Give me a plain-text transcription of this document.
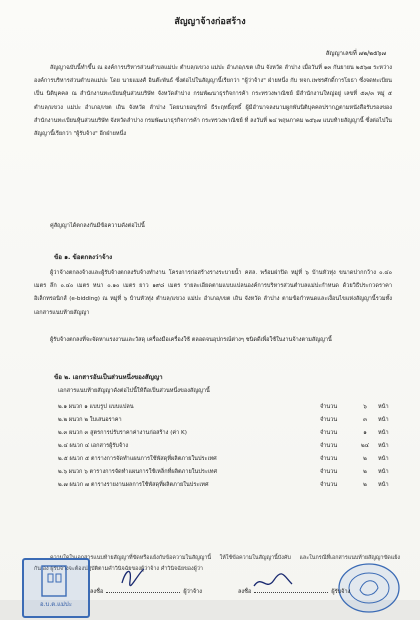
สัญญาจ้างก่อสร้าง
สัญญาเลขที่ ๗๒/๒๕๖๗
สัญญาฉบับนี้ทำขึ้น ณ องค์การบริหารส่วนตำบลแม่ปะ ตำบล/แขวง แม่ปะ อำเภอ/เขต เถิน จังหวัด ลำปาง เมื่อวันที่ ๑๓ กันยายน ๒๕๖๗ ระหว่าง องค์การบริหารส่วนตำบลแม่ปะ โดย นายแมงศ์ อินต๊ะพันธ์ ซึ่งต่อไปในสัญญานี้เรียกว่า "ผู้ว่าจ้าง" ฝ่ายหนึ่ง กับ หจก.เพชรศักดิ์การโยธา ซึ่งจดทะเบียนเป็น นิติบุคคล ณ สำนักงานทะเบียนหุ้นส่วนบริษัท จังหวัดลำปาง กรมพัฒนาธุรกิจการค้า กระทรวงพาณิชย์ มีสำนักงานใหญ่อยู่ เลขที่ ๕๓/๓ หมู่ ๕ ตำบล/แขวง แม่ปะ อำเภอ/เขต เถิน จังหวัด ลำปาง โดยนายอนุรักษ์ ธีระฤทธิ์ฤทธิ์ ผู้มีอำนาจลงนามผูกพันนิติบุคคลปรากฏตามหนังสือรับรองของ สำนักงานทะเบียนหุ้นส่วนบริษัท จังหวัดลำปาง กรมพัฒนาธุรกิจการค้า กระทรวงพาณิชย์ ที่ ลงวันที่ ๒๔ พฤษภาคม ๒๕๖๗ แนบท้ายสัญญานี้ ซึ่งต่อไปในสัญญานี้เรียกว่า "ผู้รับจ้าง" อีกฝ่ายหนึ่ง
คู่สัญญาได้ตกลงกันมีข้อความดังต่อไปนี้
ข้อ ๑. ข้อตกลงว่าจ้าง
ผู้ว่าจ้างตกลงจ้างและผู้รับจ้างตกลงรับจ้างทำงาน โครงการก่อสร้างรางระบายน้ำ คสล. พร้อมฝาปิด หมู่ที่ ๖ บ้านหัวทุ่ง ขนาดปากกว้าง ๐.๔๐ เมตร ลึก ๐.๔๐ เมตร หนา ๐.๑๐ เมตร ยาว ๑๙๘ เมตร รายละเอียดตามแบบแปลนองค์การบริหารส่วนตำบลแม่ปะกำหนด ด้วยวิธีประกวดราคาอิเล็กทรอนิกส์ (e-bidding) ณ หมู่ที่ ๖ บ้านหัวทุ่ง ตำบล/แขวง แม่ปะ อำเภอ/เขต เถิน จังหวัด ลำปาง ตามข้อกำหนดและเงื่อนไขแห่งสัญญานี้รวมทั้งเอกสารแนบท้ายสัญญา
ผู้รับจ้างตกลงที่จะจัดหาแรงงานและวัสดุ เครื่องมือเครื่องใช้ ตลอดจนอุปกรณ์ต่างๆ ชนิดดีเพื่อใช้ในงานจ้างตามสัญญานี้
ข้อ ๒. เอกสารอันเป็นส่วนหนึ่งของสัญญา
เอกสารแนบท้ายสัญญาดังต่อไปนี้ให้ถือเป็นส่วนหนึ่งของสัญญานี้
๒.๑ ผนวก ๑ แบบรูป แบบแปลน	จำนวน	๖ หน้า
๒.๒ ผนวก ๒ ใบเสนอราคา	จำนวน	๓ หน้า
๒.๓ ผนวก ๓ สูตรการปรับราคาค่างานก่อสร้าง (ค่า K)	จำนวน	๑ หน้า
๒.๔ ผนวก ๔ เอกสารผู้รับจ้าง	จำนวน	๒๔ หน้า
๒.๕ ผนวก ๕ ตารางการจัดทำแผนการใช้พัสดุที่ผลิตภายในประเทศ	จำนวน	๒ หน้า
๒.๖ ผนวก ๖ ตารางการจัดทำแผนการใช้เหล็กที่ผลิตภายในประเทศ	จำนวน	๒ หน้า
๒.๗ ผนวก ๗ ตารางรายงานผลการใช้พัสดุที่ผลิตภายในประเทศ	จำนวน	๒ หน้า
ความใดในเอกสารแนบท้ายสัญญาที่ขัดหรือแย้งกับข้อความในสัญญานี้ ให้ใช้ข้อความในสัญญานี้บังคับ และในกรณีที่เอกสารแนบท้ายสัญญาขัดแย้งกันเอง ผู้รับจ้างจะต้องปฏิบัติตามคำวินิจฉัยของผู้ว่าจ้าง คำวินิจฉัยของผู้ว่า
อ.บ.ต.แม่ปะ
ลงชื่อ	ผู้ว่าจ้าง	ลงชื่อ	ผู้รับจ้าง
